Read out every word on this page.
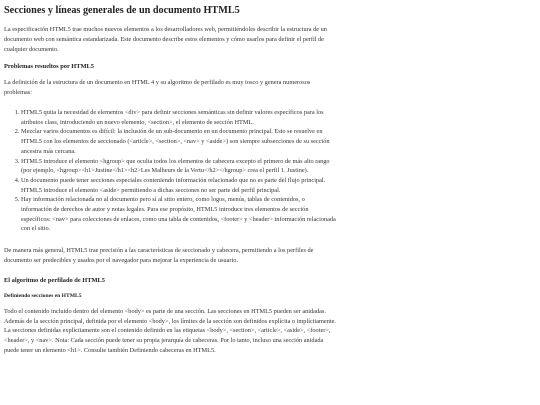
Secciones y líneas generales de un documento HTML5

La especificación HTML5 trae muchos nuevos elementos a los desarrolladores web, permitiéndoles describir la estructura de un documento web con semántica estandarizada. Este documento describe estos elementos y cómo usarlos para definir el perfil de cualquier documento.

Problemas resueltos por HTML5

La definición de la estructura de un documento en HTML 4 y su algoritmo de perfilado es muy tosco y genera numerosos problemas:

1. HTML5 quita la necesidad de elementos <div> para definir secciones semánticas sin definir valores específicos para los atributos class, introduciendo un nuevo elemento, <section>, el elemento de sección HTML.
2. Mezclar varios documentos es difícil: la inclusión de un sub-documento en un documento principal. Esto se resuelve en HTML5 con los elementos de seccionado (<article>, <section>, <nav> y <aside>) son siempre subsecciones de su sección ancestra más cercana.
3. HTML5 introduce el elemento <hgroup> que oculta todos los elementos de cabecera excepto el primero de más alto rango (por ejemplo, <hgroup><h1>Justine</h1><h2>Les Malheurs de la Vertu</h2></hgroup> crea el perfil 1. Justine).
4. Un documento puede tener secciones especiales conteniendo información relacionado que no es parte del flujo principal. HTML5 introduce el elemento <aside> permitiendo a dichas secciones no ser parte del perfil principal.
5. Hay información relacionada no al documento pero sí al sitio entero, como logos, menús, tablas de contenidos, o información de derechos de autor y notas legales. Para ese propósito, HTML5 introduce tres elementos de sección específicos: <nav> para colecciones de enlaces, como una tabla de contenidos, <footer> y <header> información relacionada con el sitio.

De manera más general, HTML5 trae precisión a las características de seccionado y cabecera, permitiendo a los perfiles de documento ser predecibles y usados por el navegador para mejorar la experiencia de usuario.

El algoritmo de perfilado de HTML5
Definiendo secciones en HTML5

Todo el contenido incluido dentro del elemento <body> es parte de una sección. Las secciones en HTML5 pueden ser anidadas. Además de la sección principal, definida por el elemento <body>, los límites de la sección son definidos explícita o implícitamente. La secciones definidas explícitamente son el contenido definido en las etiquetas <body>, <section>, <article>, <aside>, <footer>, <header>, y <nav>. Nota: Cada sección puede tener su propia jerarquía de cabeceras. Por lo tanto, incluso una sección anidada puede tener un elemento <h1>. Consulte también Definiendo cabeceras en HTML5.
